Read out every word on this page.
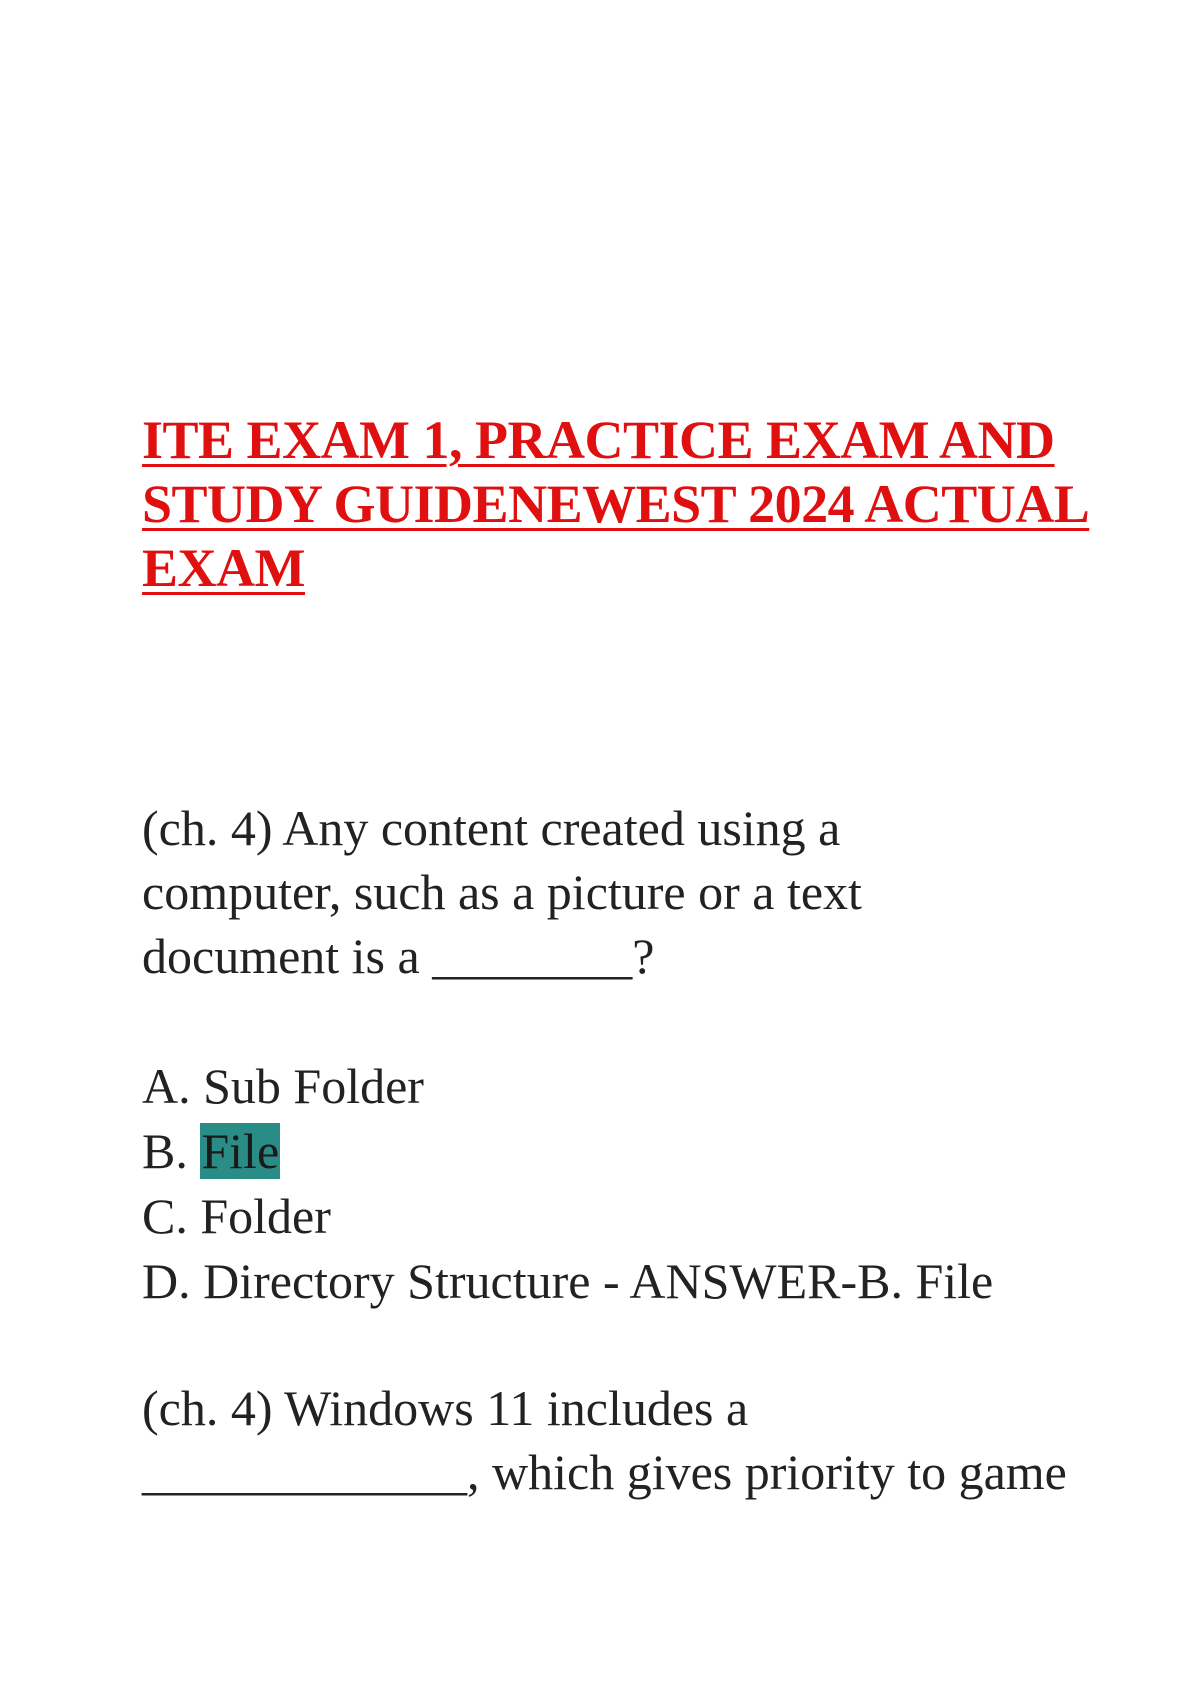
ITE EXAM 1, PRACTICE EXAM AND
STUDY GUIDENEWEST 2024 ACTUAL
EXAM

(ch. 4) Any content created using a
computer, such as a picture or a text
document is a ________?

A. Sub Folder
B. File
C. Folder
D. Directory Structure - ANSWER-B. File

(ch. 4) Windows 11 includes a
_____________, which gives priority to game
